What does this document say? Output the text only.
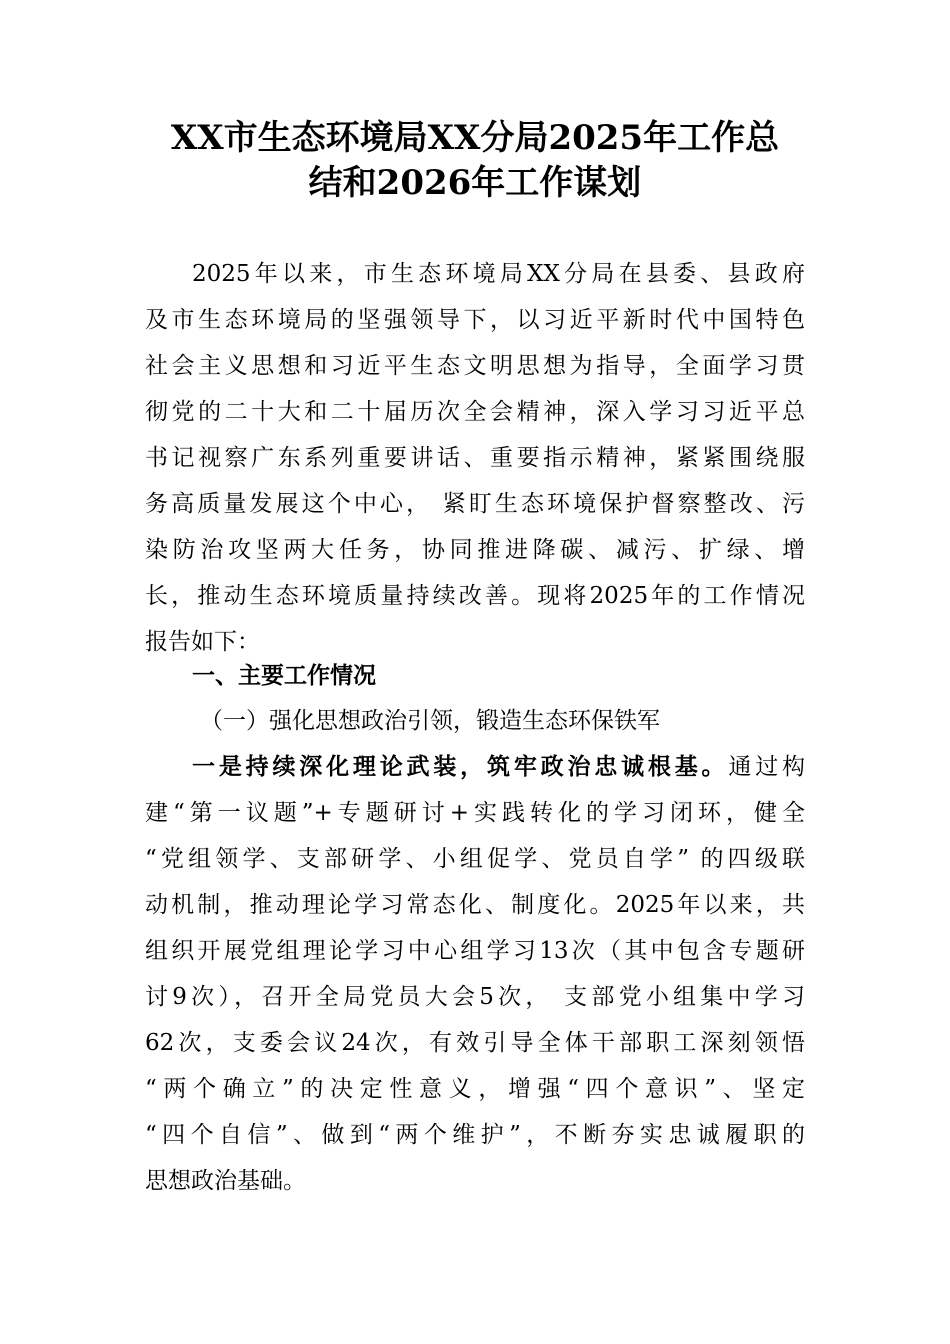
XX市生态环境局XX分局2025年工作总
结和2026年工作谋划
2025年以来，市生态环境局XX分局在县委、县政府
及市生态环境局的坚强领导下，以习近平新时代中国特色
社会主义思想和习近平生态文明思想为指导，全面学习贯
彻党的二十大和二十届历次全会精神，深入学习习近平总
书记视察广东系列重要讲话、重要指示精神，紧紧围绕服
务高质量发展这个中心， 紧盯生态环境保护督察整改、污
染防治攻坚两大任务，协同推进降碳、减污、扩绿、增
长，推动生态环境质量持续改善。现将2025年的工作情况
报告如下：
一、主要工作情况
（一）强化思想政治引领，锻造生态环保铁军
一是持续深化理论武装，筑牢政治忠诚根基。通过构
建“第一议题”+专题研讨+实践转化的学习闭环，健全
“党组领学、支部研学、小组促学、党员自学” 的四级联
动机制，推动理论学习常态化、制度化。2025年以来，共
组织开展党组理论学习中心组学习13次（其中包含专题研
讨9次），召开全局党员大会5次， 支部党小组集中学习
62次，支委会议24次，有效引导全体干部职工深刻领悟
“两个确立”的决定性意义，增强“四个意识”、坚定
“四个自信”、做到“两个维护”，不断夯实忠诚履职的
思想政治基础。
